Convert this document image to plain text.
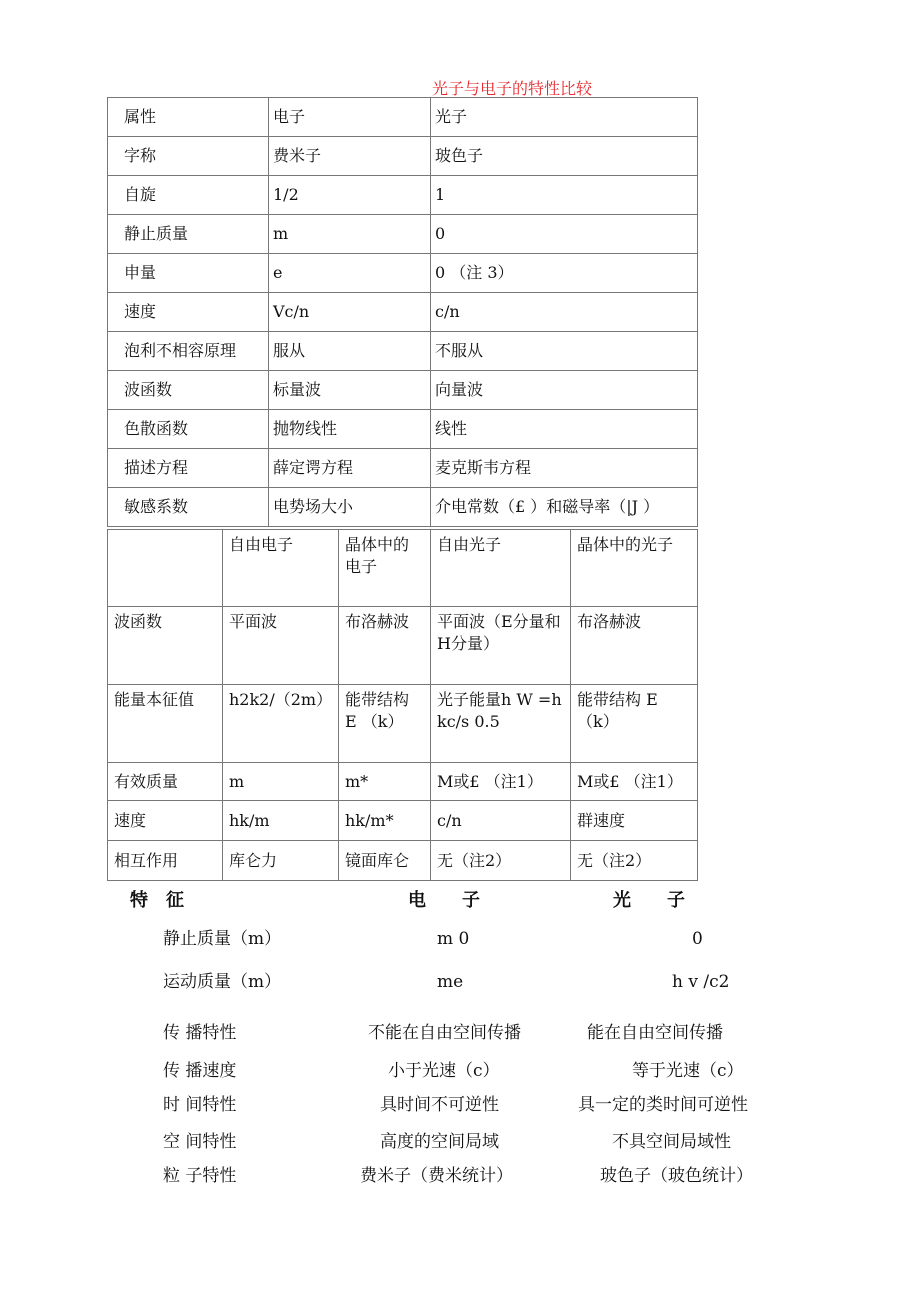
光子与电子的特性比较
属性	电子	光子
字称	费米子	玻色子
自旋	1/2	1
静止质量	m	0
申量	e	0 （注 3）
速度	Vc/n	c/n
泡利不相容原理	服从	不服从
波函数	标量波	向量波
色散函数	抛物线性	线性
描述方程	薛定谔方程	麦克斯韦方程
敏感系数	电势场大小	介电常数（£ ）和磁导率（|J ）
	自由电子	晶体中的电子	自由光子	晶体中的光子
波函数	平面波	布洛赫波	平面波（E分量和H分量）	布洛赫波
能量本征值	h2k2/（2m）	能带结构 E （k）	光子能量h W =hkc/s 0.5	能带结构 E （k）
有效质量	m	m*	M或£ （注1）	M或£ （注1）
速度	hk/m	hk/m*	c/n	群速度
相互作用	库仑力	镜面库仑	无（注2）	无（注2）
特　征	电　　子	光　　子
静止质量（m）	m 0	0
运动质量（m）	me	h v /c2
传 播特性	不能在自由空间传播	能在自由空间传播
传 播速度	小于光速（c）	等于光速（c）
时 间特性	具时间不可逆性	具一定的类时间可逆性
空 间特性	高度的空间局域	不具空间局域性
粒 子特性	费米子（费米统计）	玻色子（玻色统计）
